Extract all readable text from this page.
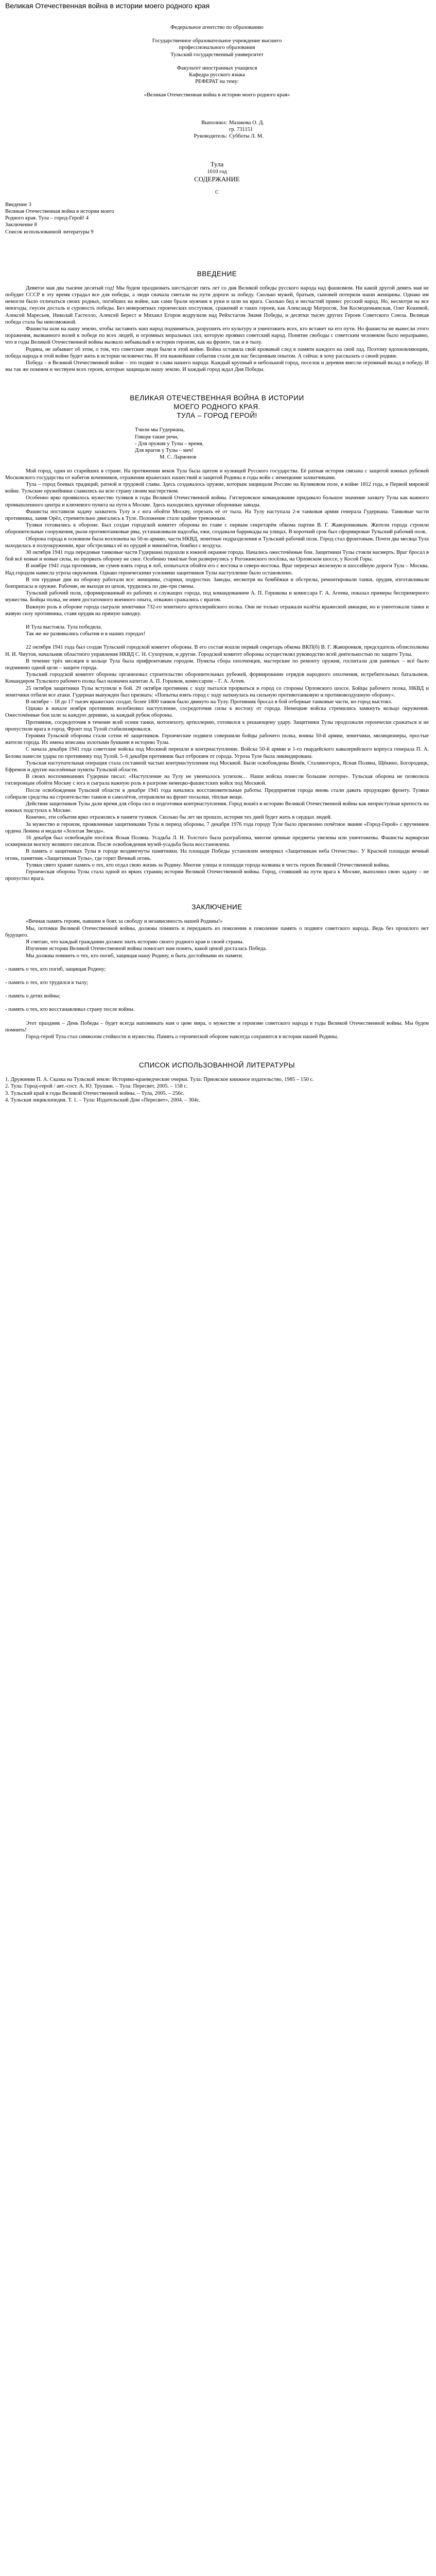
Великая Отечественная война в истории моего родного края

Федеральное агентство по образованию

Государственное образовательное учреждение высшего

профессионального образования

Тульский государственный университет

Факультет иностранных учащихся

Кафедра русского языка

РЕФЕРАТ на тему:

«Великая Отечественная война в истории моего родного края»

Выполнил: Мазакова О. Д.
гр. 731151
Руководитель: Субботы Л. М.

Тула

1010 год

СОДЕРЖАНИЕ

С

Введение 3
Великая Отечественная война в истории моего
Родного края. Тула – город-Герой! 4
Заключение 8
Список использованной литературы 9

ВВЕДЕНИЕ

Девятое мая два тысячи десятый год! Мы будем праздновать шестьдесят пять лет со дня Великой победы русского народа над фашизмом. Ни какой другой девять мая не побудит СССР в эту время страдал все для победы, а люди сначала сметали на пути дороги за победу. Сколько мужей, братьев, сыновей потеряли наши женщины. Однако им немогли было отличаться своих родных, погибших на войне, как сами брали мужчин в руки и шли на врага. Сколько бед и несчастий принес русский народ. Но, несмотря на все невзгоды, гнусен досталь и суровость победы. Без невероятных героических поступков, сражений и таких героев, как Александр Матросов, Зоя Космодемьянская, Олег Кошевой, Алексей Маресьев, Николай Гастелло, Алексей Берест и Михаил Егоров водрузили над Рейхстагом Знамя Победы, и десятки тысяч других Героев Советского Союза. Великая победа стала бы невозможной.

Фашисты шли на нашу землю, чтобы заставить наш народ подчиняться, разрушить его культуру и уничтожить всех, кто встанет на его пути. Но фашисты не вынесли этого поражения, вызванного волей к победе по всех людей, и огромных моральных сил, которую проявил советский народ. Понятие свободы с советским человеком было неразрывно, что в годы Великой Отечественной войны вызвало небывалый в истории героизм, как на фронте, так и в тылу.

Родина, не забывает об этом, о том, что советские люди были в этой войне. Война оставила свой кровавый след в памяти каждого на свой лад. Поэтому вдохновляющим, победа народа в этой войне будет жить в истории человечества. И эти важнейшие события стали для нас бесценным опытом. А сейчас я хочу рассказать о своей родине.

Победа – в Великой Отечественной войне – это подвиг и слава нашего народа. Каждый крупный и небольшой город, поселок и деревня внесли огромный вклад в победу. И мы так же помним и чествуем всех героев, которые защищали нашу землю. И каждый город ждал Дня Победы.

ВЕЛИКАЯ ОТЕЧЕСТВЕННАЯ ВОЙНА В ИСТОРИИ

МОЕГО РОДНОГО КРАЯ.

ТУЛА – ГОРОД ГЕРОЙ!

Тчили мы Гудериана,

Говоря такие речи,

- Для оружия у Тулы – время,

Для врагов у Тулы – меч!

М. С. Ларионов

Мой город, один из старейших в стране. На протяжении веков Тула была щитом и кузницей Русского государства. Её ратная история связана с защитой южных рубежей Московского государства от набегов кочевников, отражения вражеских нашествий и защитой Родины в годы войн с немецкими захватчиками.

Тула – город боевых традиций, ратной и трудовой славы. Здесь создавалось оружие, которым защищали Россию на Куликовом поле, в войне 1812 года, в Первой мировой войне. Тульские оружейники славились на всю страну своим мастерством.

Особенно ярко проявилось мужество туляков в годы Великой Отечественной войны. Гитлеровское командование придавало большое значение захвату Тулы как важного промышленного центра и ключевого пункта на пути к Москве. Здесь находились крупные оборонные заводы.

Фашисты поставили задачу захватить Тулу и с юга обойти Москву, отрезать её от тыла. На Тулу наступала 2-я танковая армия генерала Гудериана. Танковые части противника, заняв Орёл, стремительно двигались к Туле. Положение стало крайне тревожным.

Туляки готовились к обороне. Был создан городской комитет обороны во главе с первым секретарём обкома партии В. Г. Жаворонковым. Жители города строили оборонительные сооружения, рыли противотанковые рвы, устанавливали надолбы, ежи, создавали баррикады на улицах. В короткий срок был сформирован Тульский рабочий полк.

Оборона города в основном была возложена на 50-ю армию, части НКВД, зенитные подразделения и Тульский рабочий полк. Город стал фронтовым. Почти два месяца Тула находилась в полуокружении, враг обстреливал её из орудий и миномётов, бомбил с воздуха.

30 октября 1941 года передовые танковые части Гудериана подошли к южной окраине города. Начались ожесточённые бои. Защитники Тулы стояли насмерть. Враг бросал в бой всё новые и новые силы, но прорвать оборону не смог. Особенно тяжёлые бои развернулись у Рогожинского посёлка, на Орловском шоссе, у Косой Горы.

В ноябре 1941 года противник, не сумев взять город в лоб, попытался обойти его с востока и северо-востока. Враг перерезал железную и шоссейную дороги Тула – Москва. Над городом нависла угроза окружения. Однако героическими усилиями защитников Тулы наступление было остановлено.

В эти трудные дни на оборону работали все: женщины, старики, подростки. Заводы, несмотря на бомбёжки и обстрелы, ремонтировали танки, орудия, изготавливали боеприпасы и оружие. Рабочие, не выходя из цехов, трудились по две-три смены.

Тульский рабочий полк, сформированный из рабочих и служащих города, под командованием А. П. Горшкова и комиссара Г. А. Агеева, показал примеры беспримерного мужества. Бойцы полка, не имея достаточного военного опыта, отважно сражались с врагом.

Важную роль в обороне города сыграли зенитчики 732-го зенитного артиллерийского полка. Они не только отражали налёты вражеской авиации, но и уничтожали танки и живую силу противника, ставя орудия на прямую наводку.

И Тула выстояла. Тула победила.

Так же же развивались события и в наших городах!

22 октября 1941 года был создан Тульский городской комитет обороны. В его состав вошли первый секретарь обкома ВКП(б) В. Г. Жаворонков, председатель облисполкома Н. И. Чмутов, начальник областного управления НКВД С. Н. Сухоруков, и другие. Городской комитет обороны осуществлял руководство всей деятельностью по защите Тулы.

В течение трёх месяцев в кольце Тула была прифронтовым городом. Пункты сбора ополченцев, мастерские по ремонту оружия, госпитали для раненых – всё было подчинено одной цели – защите города.

Тульский городской комитет обороны организовал строительство оборонительных рубежей, формирование отрядов народного ополчения, истребительных батальонов. Командиром Тульского рабочего полка был назначен капитан А. П. Горшков, комиссаром – Г. А. Агеев.

25 октября защитники Тулы вступили в бой. 29 октября противник с ходу пытался прорваться в город со стороны Орловского шоссе. Бойцы рабочего полка, НКВД и зенитчики отбили все атаки. Гудериан вынужден был признать: «Попытка взять город с ходу наткнулась на сильную противотанковую и противовоздушную оборону».

В октябре – 18 до 17 тысяч вражеских солдат, более 1800 танков было двинуто на Тулу. Противник бросал в бой отборные танковые части, но город выстоял.

Однако в начале ноября противник возобновил наступление, сосредоточив силы к востоку от города. Немецкие войска стремились замкнуть кольцо окружения. Ожесточённые бои шли за каждую деревню, за каждый рубеж обороны.

Противник, сосредоточив в течение всей осени танки, мотопехоту, артиллерию, готовился к решающему удару. Защитники Тулы продолжали героически сражаться и не пропустили врага в город. Фронт под Тулой стабилизировался.

Героями Тульской обороны стали сотни её защитников. Героические подвиги совершили бойцы рабочего полка, воины 50-й армии, зенитчики, милиционеры, простые жители города. Их имена вписаны золотыми буквами в историю Тулы.

С начала декабря 1941 года советские войска под Москвой перешли в контрнаступление. Войска 50-й армии и 1-го гвардейского кавалерийского корпуса генерала П. А. Белова нанесли удары по противнику под Тулой. 5–6 декабря противник был отброшен от города. Угроза Туле была ликвидирована.

Тульская наступательная операция стала составной частью контрнаступления под Москвой. Были освобождены Венёв, Сталиногорск, Ясная Поляна, Щёкино, Богородицк, Ефремов и другие населённые пункты Тульской области.

В своих воспоминаниях Гудериан писал: «Наступление на Тулу не увенчалось успехом… Наши войска понесли большие потери». Тульская оборона не позволила гитлеровцам обойти Москву с юга и сыграла важную роль в разгроме немецко-фашистских войск под Москвой.

После освобождения Тульской области в декабре 1941 года начались восстановительные работы. Предприятия города вновь стали давать продукцию фронту. Туляки собирали средства на строительство танков и самолётов, отправляли на фронт посылки, тёплые вещи.

Действия защитников Тулы дали время для сбора сил и подготовки контрнаступления. Город вошёл в историю Великой Отечественной войны как неприступная крепость на южных подступах к Москве.

Конечно, эти события ярко отразились в памяти туляков. Сколько бы лет ни прошло, история тех дней будет жить в сердцах людей.

За мужество и героизм, проявленные защитниками Тулы в период обороны, 7 декабря 1976 года городу Туле было присвоено почётное звание «Город-Герой» с вручением ордена Ленина и медали «Золотая Звезда».

16 декабря был освобождён посёлок Ясная Поляна. Усадьба Л. Н. Толстого была разграблена, многие ценные предметы увезены или уничтожены. Фашисты варварски осквернили могилу великого писателя. После освобождения музей-усадьба была восстановлена.

В память о защитниках Тулы в городе воздвигнуты памятники. На площади Победы установлен мемориал «Защитникам неба Отечества». У Красной площади вечный огонь, памятник «Защитникам Тулы», где горит Вечный огонь.

Туляки свято хранят память о тех, кто отдал свою жизнь за Родину. Многие улицы и площади города названы в честь героев Великой Отечественной войны.

Героическая оборона Тулы стала одной из ярких страниц истории Великой Отечественной войны. Город, стоявший на пути врага к Москве, выполнил свою задачу – не пропустил врага.

ЗАКЛЮЧЕНИЕ

«Вечная память героям, павшим в боях за свободу и независимость нашей Родины!»

Мы, потомки Великой Отечественной войны, должны помнить и передавать из поколения в поколение память о подвиге советского народа. Ведь без прошлого нет будущего.

Я считаю, что каждый гражданин должен знать историю своего родного края и своей страны.

Изучение истории Великой Отечественной войны помогает нам понять, какой ценой досталась Победа.

Мы должны помнить о тех, кто погиб, защищая нашу Родину, и быть достойными их памяти.

- память о тех, кто погиб, защищая Родину;

- память о тех, кто трудился в тылу;

- память о детях войны;

- память о тех, кто восстанавливал страну после войны.

Этот праздник – День Победы – будет всегда напоминать нам о цене мира, о мужестве и героизме советского народа в годы Великой Отечественной войны. Мы будем помнить!

Город-герой Тула стал символом стойкости и мужества. Память о героической обороне навсегда сохранится в истории нашей Родины.

СПИСОК ИСПОЛЬЗОВАННОЙ ЛИТЕРАТУРЫ

1. Дружинин П. А. Сказка на Тульской земле: Историко-краеведческие очерки. Тула: Приокское книжное издательство, 1985 – 150 с.

2. Тула: Город-герой / авт.-сост. А. Ю. Трушин. – Тула: Пересвет, 2005. – 158 с.

3. Тульский край в годы Великой Отечественной войны. – Тула, 2005. – 256с.

4. Тульская энциклопедия. Т. 1. – Тула: Издательский Дом «Пересвет», 2004. – 304с.
